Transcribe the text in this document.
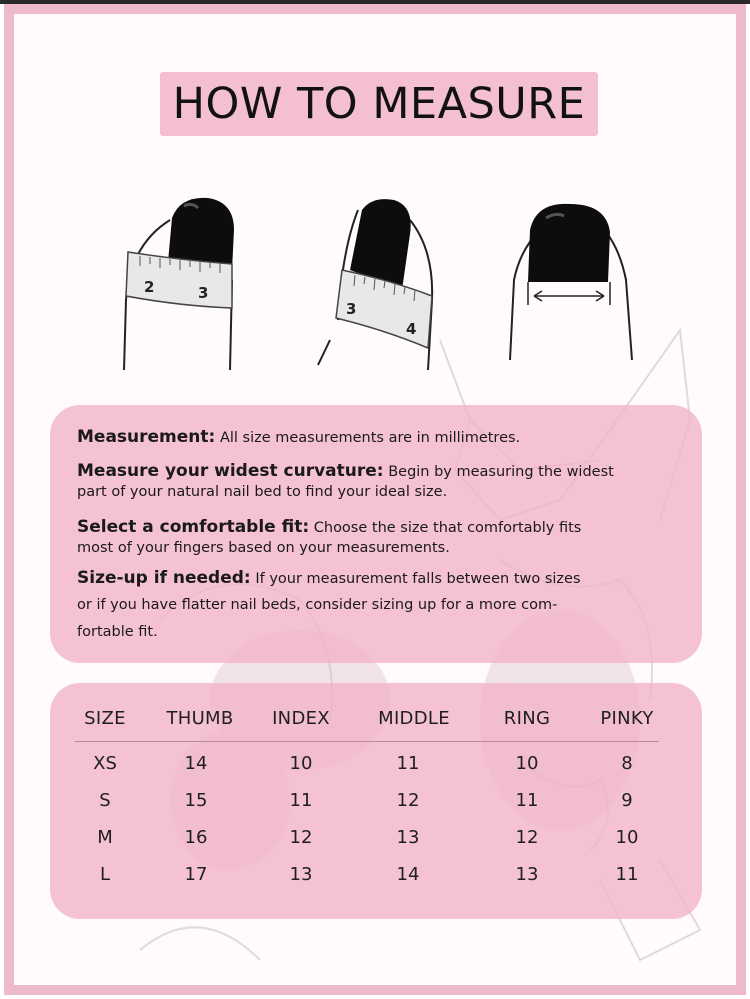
HOW TO MEASURE
2	3
3
4
Measurement: All size measurements are in millimetres.
Measure your widest curvature: Begin by measuring the widest
part of your natural nail bed to find your ideal size.
Select a comfortable fit: Choose the size that comfortably fits
most of your fingers based on your measurements.
Size-up if needed: If your measurement falls between two sizes
or if you have flatter nail beds, consider sizing up for a more com-
fortable fit.
SIZE THUMB INDEX	MIDDLE	RING	PINKY
XS	14	10	11	10	8
S	15	11	12	11	9
M	16	12	13	12	10
L	17	13	14	13	11
